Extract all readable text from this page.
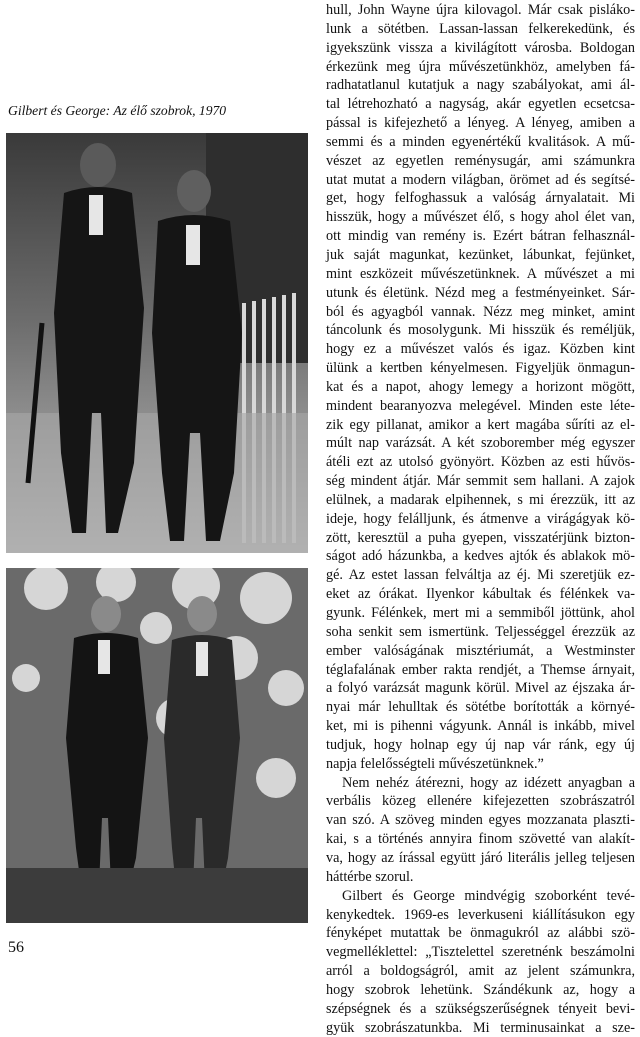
Gilbert és George: Az élő szobrok, 1970
56
hull, John Wayne újra kilovagol. Már csak pislákо-
lunk a sötétben. Lassan-lassan felkerekedünk, és
igyekszünk vissza a kivilágított városba. Boldogan
érkezünk meg újra művészetünkhöz, amelyben fá-
radhatatlanul kutatjuk a nagy szabályokat, ami ál-
tal létrehozható a nagyság, akár egyetlen ecsetcsa-
pással is kifejezhető a lényeg. A lényeg, amiben a
semmi és a minden egyenértékű kvalitások. A mű-
vészet az egyetlen reménysugár, ami számunkra
utat mutat a modern világban, örömet ad és segítsé-
get, hogy felfoghassuk a valóság árnyalatait. Mi
hisszük, hogy a művészet élő, s hogy ahol élet van,
ott mindig van remény is. Ezért bátran felhasznál-
juk saját magunkat, kezünket, lábunkat, fejünket,
mint eszközeit művészetünknek. A művészet a mi
utunk és életünk. Nézd meg a festményeinket. Sár-
ból és agyagból vannak. Nézz meg minket, amint
táncolunk és mosolygunk. Mi hisszük és reméljük,
hogy ez a művészet valós és igaz. Közben kint
ülünk a kertben kényelmesen. Figyeljük önmagun-
kat és a napot, ahogy lemegy a horizont mögött,
mindent bearanyozva melegével. Minden este léte-
zik egy pillanat, amikor a kert magába sűríti az el-
múlt nap varázsát. A két szoborember még egyszer
átéli ezt az utolsó gyönyört. Közben az esti hűvös-
ség mindent átjár. Már semmit sem hallani. A zajok
elülnek, a madarak elpihennek, s mi érezzük, itt az
ideje, hogy felálljunk, és átmenve a virágágyak kö-
zött, keresztül a puha gyepen, visszatérjünk bizton-
ságot adó házunkba, a kedves ajtók és ablakok mö-
gé. Az estet lassan felváltja az éj. Mi szeretjük ez-
eket az órákat. Ilyenkor kábultak és félénkek va-
gyunk. Félénkek, mert mi a semmiből jöttünk, ahol
soha senkit sem ismertünk. Teljességgel érezzük az
ember valóságának misztériumát, a Westminster
téglafalának ember rakta rendjét, a Themse árnyait,
a folyó varázsát magunk körül. Mivel az éjszaka ár-
nyai már lehulltak és sötétbe borították a környé-
ket, mi is pihenni vágyunk. Annál is inkább, mivel
tudjuk, hogy holnap egy új nap vár ránk, egy új
napja felelősségteli művészetünknek.”
Nem nehéz átérezni, hogy az idézett anyagban a
verbális közeg ellenére kifejezetten szobrászatról
van szó. A szöveg minden egyes mozzanata plaszti-
kai, s a történés annyira finom szövetté van alakít-
va, hogy az írással együtt járó literális jelleg teljesen
háttérbe szorul.
Gilbert és George mindvégig szoborként tevé-
kenykedtek. 1969-es leverkuseni kiállításukon egy
fényképet mutattak be önmagukról az alábbi szö-
vegmelléklettel: „Tisztelettel szeretnénk beszámolni
arról a boldogságról, amit az jelent számunkra,
hogy szobrok lehetünk. Szándékunk az, hogy a
szépségnek és a szükségszerűségnek tényeit bevi-
gyük szobrászatunkba. Mi terminusainkat a sze-
